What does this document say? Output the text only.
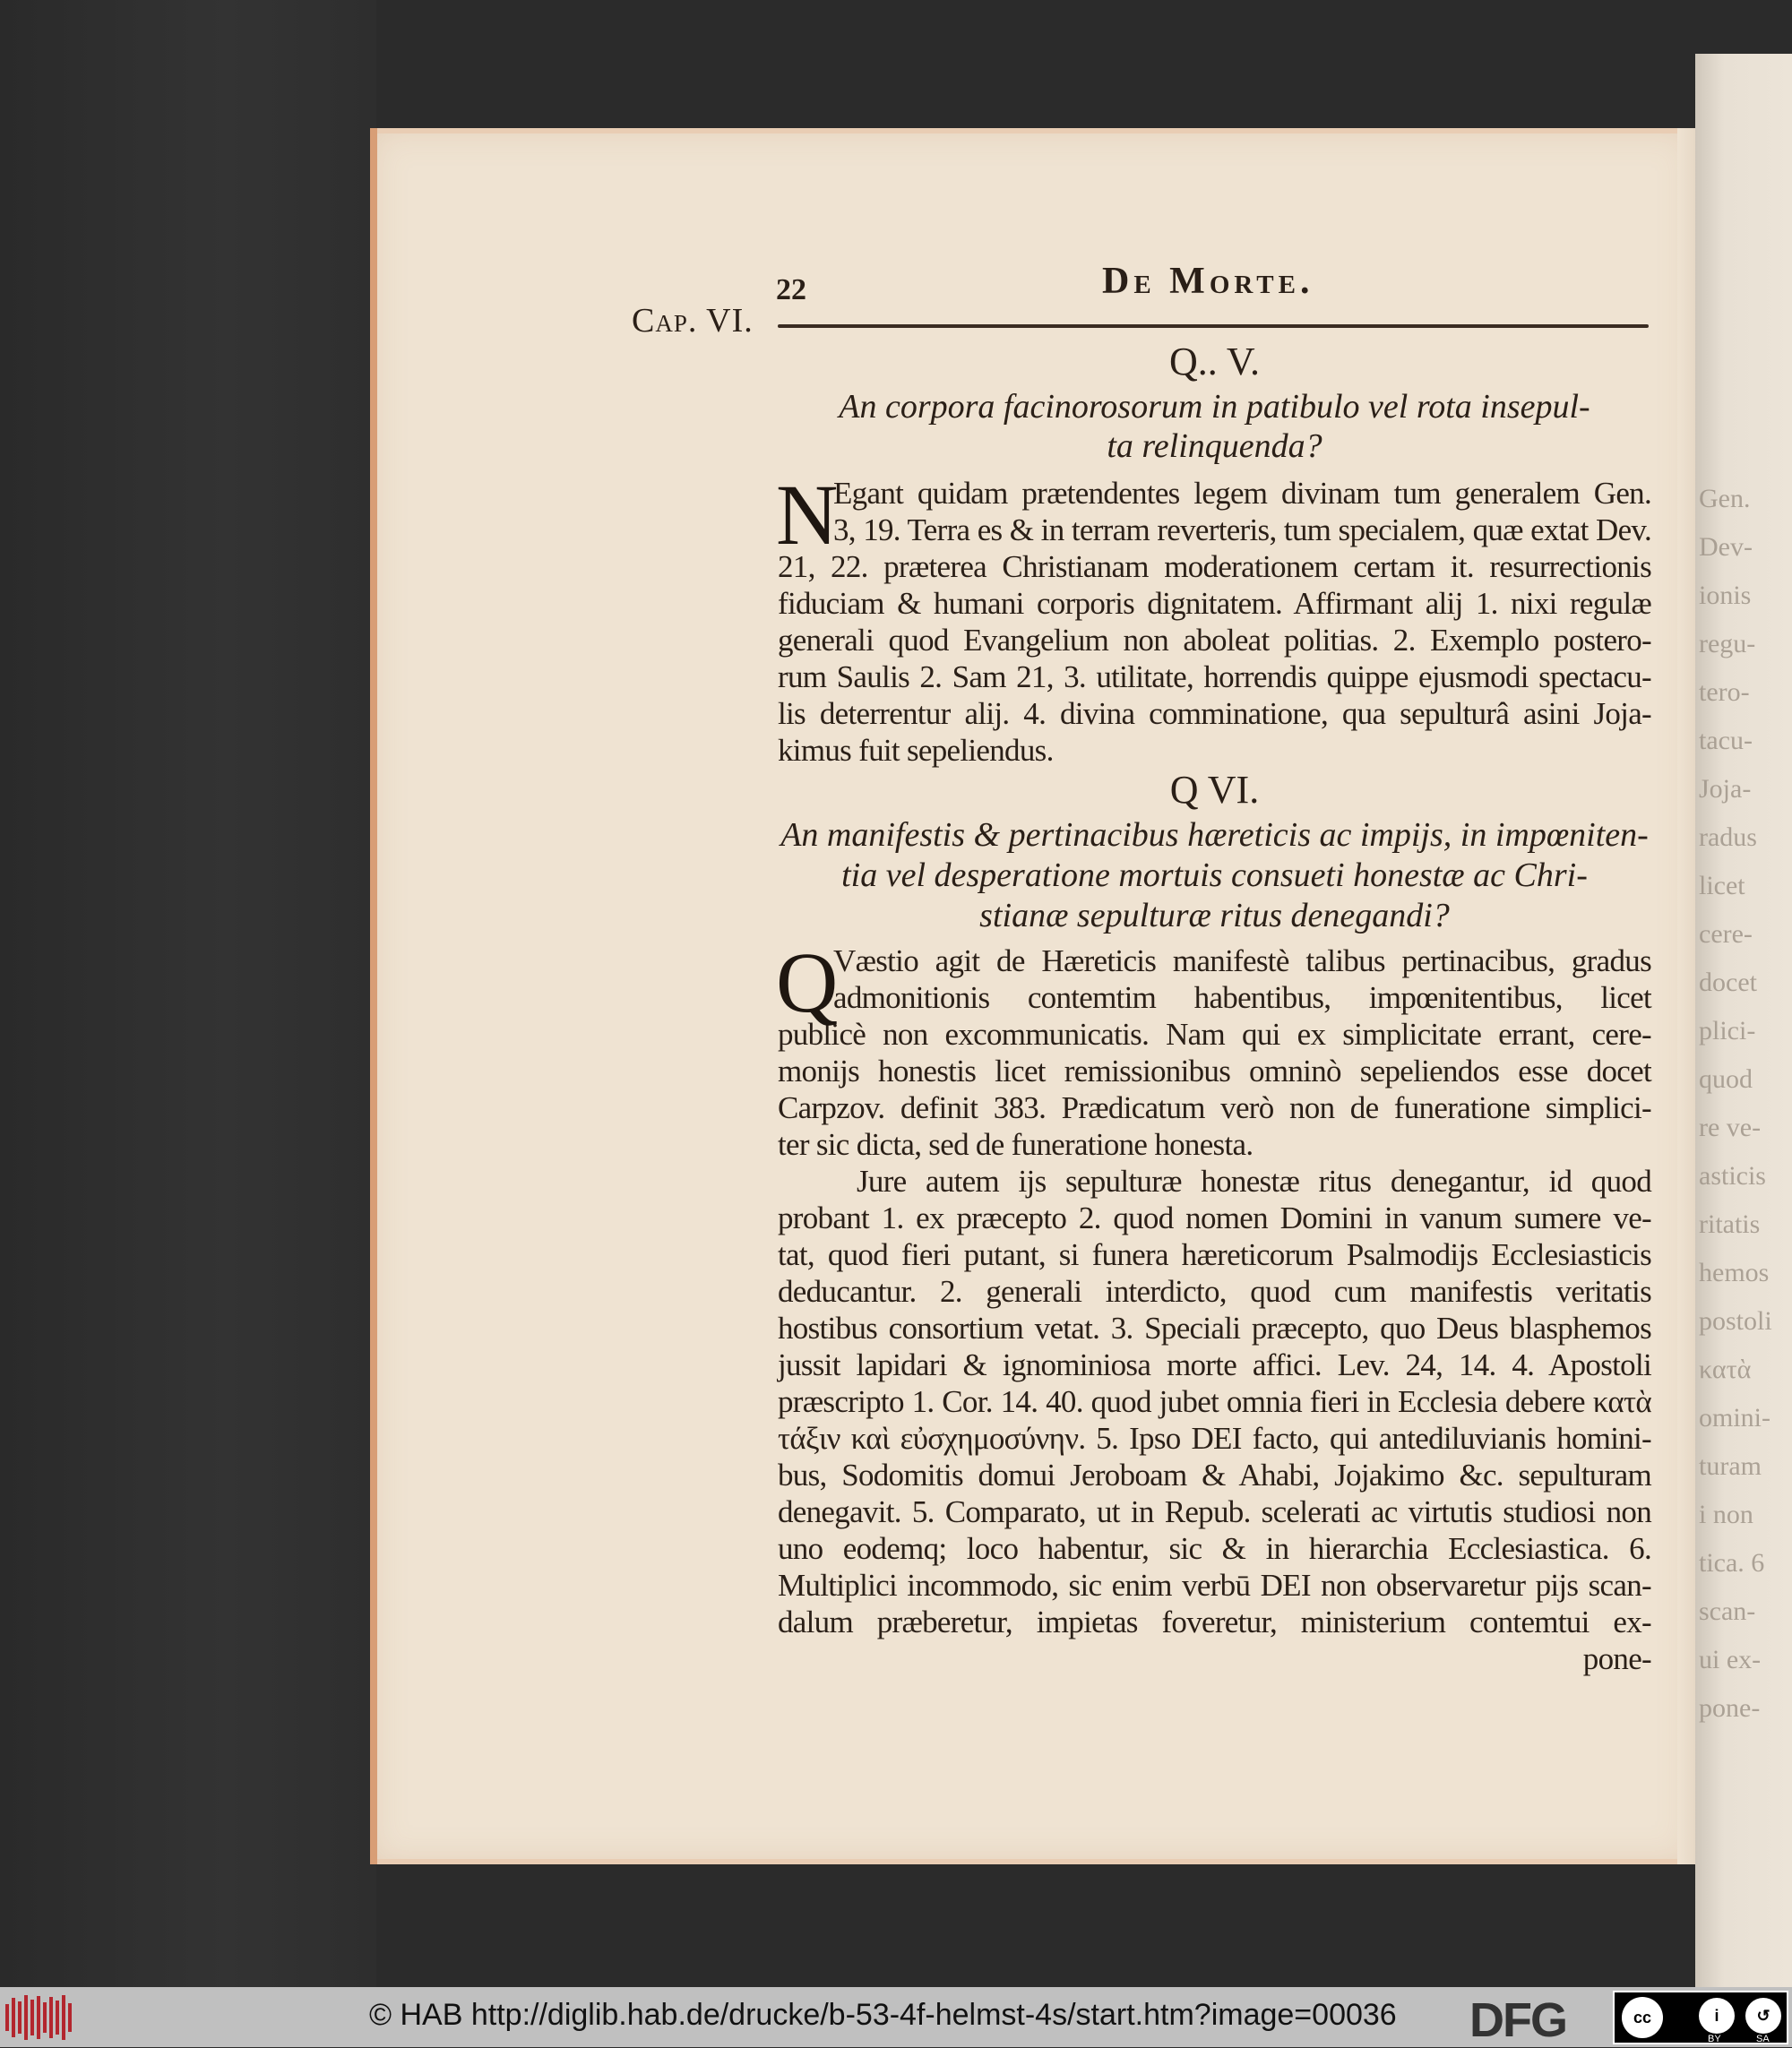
Gen.
Dev-
ionis
regu-
tero-
tacu-
Joja-
radus
licet
cere-
docet
plici-
quod
re ve-
asticis
ritatis
hemos
postoli
κατὰ
omini-
turam
i non
tica. 6
scan-
ui ex-
pone-
Cap. VI.
22	De Morte.
Q.. V.
An corpora facinorosorum in patibulo vel rota insepul-
ta relinquenda?
N
Egant quidam prætendentes legem divinam tum generalem Gen.
3, 19. Terra es & in terram reverteris, tum specialem, quæ extat Dev.
21, 22. præterea Christianam moderationem certam it. resurrectionis
fiduciam & humani corporis dignitatem. Affirmant alij 1. nixi regulæ
generali quod Evangelium non aboleat politias. 2. Exemplo postero-
rum Saulis 2. Sam 21, 3. utilitate, horrendis quippe ejusmodi spectacu-
lis deterrentur alij. 4. divina comminatione, qua sepulturâ asini Joja-
kimus fuit sepeliendus.
Q VI.
An manifestis & pertinacibus hæreticis ac impijs, in impœniten-
tia vel desperatione mortuis consueti honestæ ac Chri-
stianæ sepulturæ ritus denegandi?
Q
Væstio agit de Hæreticis manifestè talibus pertinacibus, gradus
admonitionis contemtim habentibus, impœnitentibus, licet
publicè non excommunicatis. Nam qui ex simplicitate errant, cere-
monijs honestis licet remissionibus omninò sepeliendos esse docet
Carpzov. definit 383. Prædicatum verò non de funeratione simplici-
ter sic dicta, sed de funeratione honesta.
Jure autem ijs sepulturæ honestæ ritus denegantur, id quod
probant 1. ex præcepto 2. quod nomen Domini in vanum sumere ve-
tat, quod fieri putant, si funera hæreticorum Psalmodijs Ecclesiasticis
deducantur. 2. generali interdicto, quod cum manifestis veritatis
hostibus consortium vetat. 3. Speciali præcepto, quo Deus blasphemos
jussit lapidari & ignominiosa morte affici. Lev. 24, 14. 4. Apostoli
præscripto 1. Cor. 14. 40. quod jubet omnia fieri in Ecclesia debere κατὰ
τάξιν καὶ εὐσχημοσύνην. 5. Ipso DEI facto, qui antediluvianis homini-
bus, Sodomitis domui Jeroboam & Ahabi, Jojakimo &c. sepulturam
denegavit. 5. Comparato, ut in Repub. scelerati ac virtutis studiosi non
uno eodemq; loco habentur, sic & in hierarchia Ecclesiastica. 6.
Multiplici incommodo, sic enim verbū DEI non observaretur pijs scan-
dalum præberetur, impietas foveretur, ministerium contemtui ex-
pone-
© HAB http://diglib.hab.de/drucke/b-53-4f-helmst-4s/start.htm?image=00036 DFG	cc	i	↺
BY	SA
